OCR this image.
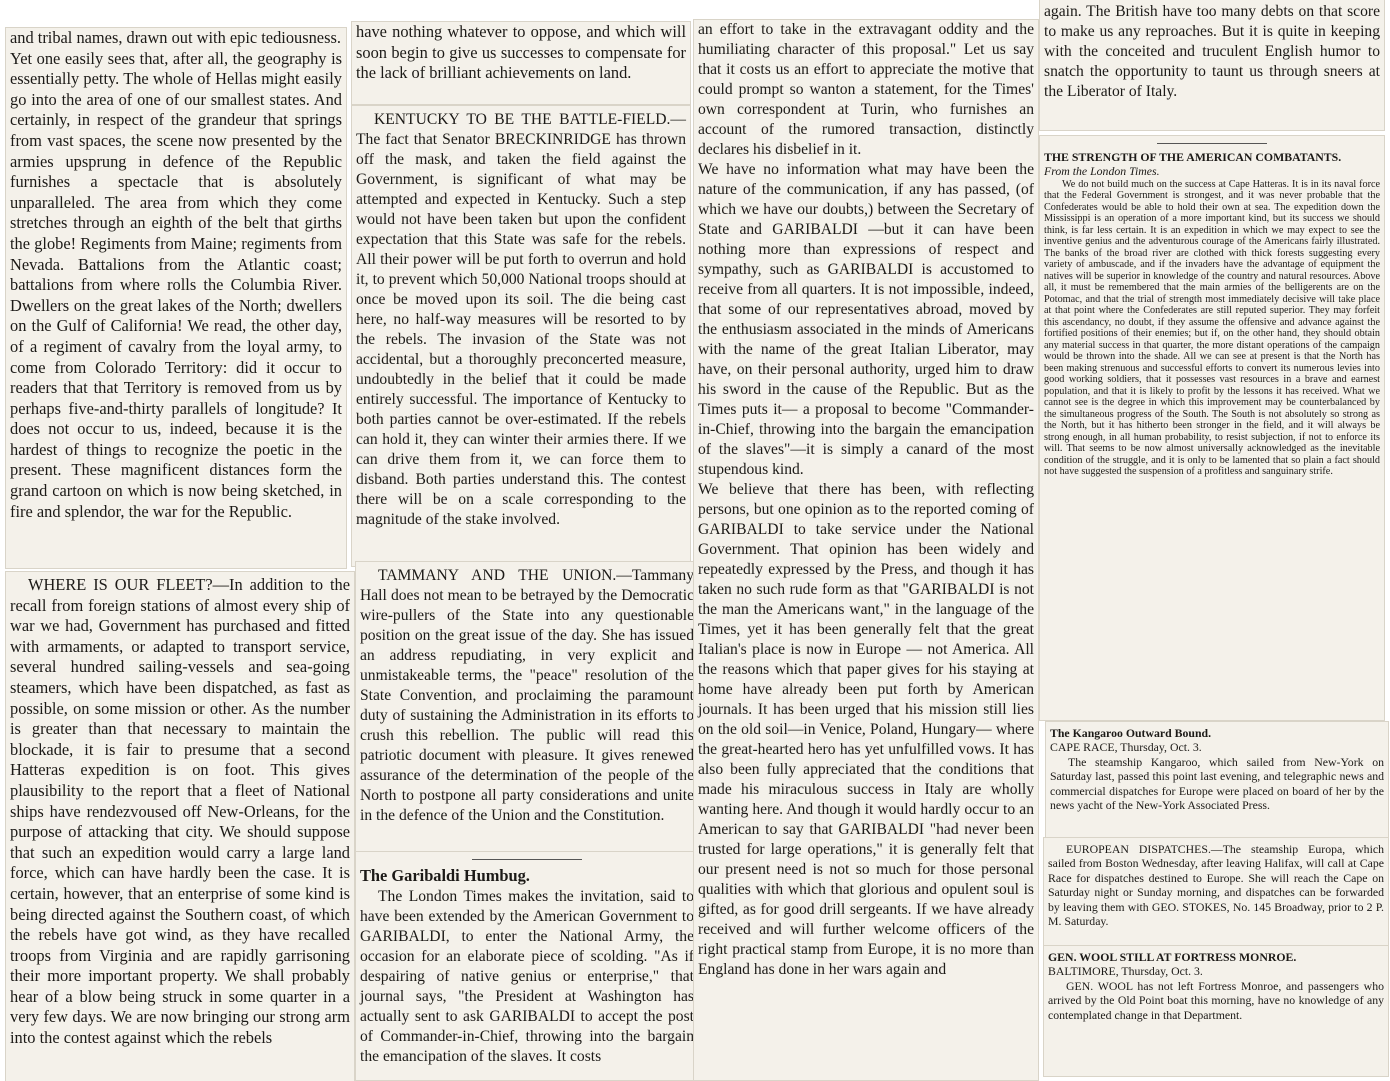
and tribal names, drawn out with epic tediousness.
Yet one easily sees that, after all, the geography is essentially petty. The whole of Hellas might easily go into the area of one of our smallest states. And certainly, in respect of the grandeur that springs from vast spaces, the scene now presented by the armies upsprung in defence of the Republic furnishes a spectacle that is absolutely unparalleled. The area from which they come stretches through an eighth of the belt that girths the globe! Regiments from Maine; regiments from Nevada. Battalions from the Atlantic coast; battalions from where rolls the Columbia River. Dwellers on the great lakes of the North; dwellers on the Gulf of California! We read, the other day, of a regiment of cavalry from the loyal army, to come from Colorado Territory: did it occur to readers that that Territory is removed from us by perhaps five-and-thirty parallels of longitude? It does not occur to us, indeed, because it is the hardest of things to recognize the poetic in the present. These magnificent distances form the grand cartoon on which is now being sketched, in fire and splendor, the war for the Republic.

WHERE IS OUR FLEET?—In addition to the recall from foreign stations of almost every ship of war we had, Government has purchased and fitted with armaments, or adapted to transport service, several hundred sailing-vessels and sea-going steamers, which have been dispatched, as fast as possible, on some mission or other. As the number is greater than that necessary to maintain the blockade, it is fair to presume that a second Hatteras expedition is on foot. This gives plausibility to the report that a fleet of National ships have rendezvoused off New-Orleans, for the purpose of attacking that city. We should suppose that such an expedition would carry a large land force, which can have hardly been the case. It is certain, however, that an enterprise of some kind is being directed against the Southern coast, of which the rebels have got wind, as they have recalled troops from Virginia and are rapidly garrisoning their more important property. We shall probably hear of a blow being struck in some quarter in a very few days. We are now bringing our strong arm into the contest against which the rebels

have nothing whatever to oppose, and which will soon begin to give us successes to compensate for the lack of brilliant achievements on land.

KENTUCKY TO BE THE BATTLE-FIELD.—The fact that Senator BRECKINRIDGE has thrown off the mask, and taken the field against the Government, is significant of what may be attempted and expected in Kentucky. Such a step would not have been taken but upon the confident expectation that this State was safe for the rebels. All their power will be put forth to overrun and hold it, to prevent which 50,000 National troops should at once be moved upon its soil. The die being cast here, no half-way measures will be resorted to by the rebels. The invasion of the State was not accidental, but a thoroughly preconcerted measure, undoubtedly in the belief that it could be made entirely successful. The importance of Kentucky to both parties cannot be over-estimated. If the rebels can hold it, they can winter their armies there. If we can drive them from it, we can force them to disband. Both parties understand this. The contest there will be on a scale corresponding to the magnitude of the stake involved.

TAMMANY AND THE UNION.—Tammany Hall does not mean to be betrayed by the Democratic wire-pullers of the State into any questionable position on the great issue of the day. She has issued an address repudiating, in very explicit and unmistakeable terms, the "peace" resolution of the State Convention, and proclaiming the paramount duty of sustaining the Administration in its efforts to crush this rebellion. The public will read this patriotic document with pleasure. It gives renewed assurance of the determination of the people of the North to postpone all party considerations and unite in the defence of the Union and the Constitution.

The Garibaldi Humbug.

The London Times makes the invitation, said to have been extended by the American Government to GARIBALDI, to enter the National Army, the occasion for an elaborate piece of scolding. "As if despairing of native genius or enterprise," that journal says, "the President at Washington has actually sent to ask GARIBALDI to accept the post of Commander-in-Chief, throwing into the bargain the emancipation of the slaves. It costs

an effort to take in the extravagant oddity and the humiliating character of this proposal." Let us say that it costs us an effort to appreciate the motive that could prompt so wanton a statement, for the Times' own correspondent at Turin, who furnishes an account of the rumored transaction, distinctly declares his disbelief in it.
We have no information what may have been the nature of the communication, if any has passed, (of which we have our doubts,) between the Secretary of State and GARIBALDI —but it can have been nothing more than expressions of respect and sympathy, such as GARIBALDI is accustomed to receive from all quarters. It is not impossible, indeed, that some of our representatives abroad, moved by the enthusiasm associated in the minds of Americans with the name of the great Italian Liberator, may have, on their personal authority, urged him to draw his sword in the cause of the Republic. But as the Times puts it— a proposal to become "Commander-in-Chief, throwing into the bargain the emancipation of the slaves"—it is simply a canard of the most stupendous kind.
We believe that there has been, with reflecting persons, but one opinion as to the reported coming of GARIBALDI to take service under the National Government. That opinion has been widely and repeatedly expressed by the Press, and though it has taken no such rude form as that "GARIBALDI is not the man the Americans want," in the language of the Times, yet it has been generally felt that the great Italian's place is now in Europe — not America. All the reasons which that paper gives for his staying at home have already been put forth by American journals. It has been urged that his mission still lies on the old soil—in Venice, Poland, Hungary— where the great-hearted hero has yet unfulfilled vows. It has also been fully appreciated that the conditions that made his miraculous success in Italy are wholly wanting here. And though it would hardly occur to an American to say that GARIBALDI "had never been trusted for large operations," it is generally felt that our present need is not so much for those personal qualities with which that glorious and opulent soul is gifted, as for good drill sergeants. If we have already received and will further welcome officers of the right practical stamp from Europe, it is no more than England has done in her wars again and

again. The British have too many debts on that score to make us any reproaches. But it is quite in keeping with the conceited and truculent English humor to snatch the opportunity to taunt us through sneers at the Liberator of Italy.

THE STRENGTH OF THE AMERICAN COMBATANTS.

From the London Times.

We do not build much on the success at Cape Hatteras. It is in its naval force that the Federal Government is strongest, and it was never probable that the Confederates would be able to hold their own at sea. The expedition down the Mississippi is an operation of a more important kind, but its success we should think, is far less certain. It is an expedition in which we may expect to see the inventive genius and the adventurous courage of the Americans fairly illustrated. The banks of the broad river are clothed with thick forests suggesting every variety of ambuscade, and if the invaders have the advantage of equipment the natives will be superior in knowledge of the country and natural resources. Above all, it must be remembered that the main armies of the belligerents are on the Potomac, and that the trial of strength most immediately decisive will take place at that point where the Confederates are still reputed superior. They may forfeit this ascendancy, no doubt, if they assume the offensive and advance against the fortified positions of their enemies; but if, on the other hand, they should obtain any material success in that quarter, the more distant operations of the campaign would be thrown into the shade. All we can see at present is that the North has been making strenuous and successful efforts to convert its numerous levies into good working soldiers, that it possesses vast resources in a brave and earnest population, and that it is likely to profit by the lessons it has received. What we cannot see is the degree in which this improvement may be counterbalanced by the simultaneous progress of the South. The South is not absolutely so strong as the North, but it has hitherto been stronger in the field, and it will always be strong enough, in all human probability, to resist subjection, if not to enforce its will. That seems to be now almost universally acknowledged as the inevitable condition of the struggle, and it is only to be lamented that so plain a fact should not have suggested the suspension of a profitless and sanguinary strife.

The Kangaroo Outward Bound.

CAPE RACE, Thursday, Oct. 3.

The steamship Kangaroo, which sailed from New-York on Saturday last, passed this point last evening, and telegraphic news and commercial dispatches for Europe were placed on board of her by the news yacht of the New-York Associated Press.

EUROPEAN DISPATCHES.—The steamship Europa, which sailed from Boston Wednesday, after leaving Halifax, will call at Cape Race for dispatches destined to Europe. She will reach the Cape on Saturday night or Sunday morning, and dispatches can be forwarded by leaving them with GEO. STOKES, No. 145 Broadway, prior to 2 P. M. Saturday.

GEN. WOOL STILL AT FORTRESS MONROE.

BALTIMORE, Thursday, Oct. 3.

GEN. WOOL has not left Fortress Monroe, and passengers who arrived by the Old Point boat this morning, have no knowledge of any contemplated change in that Department.
